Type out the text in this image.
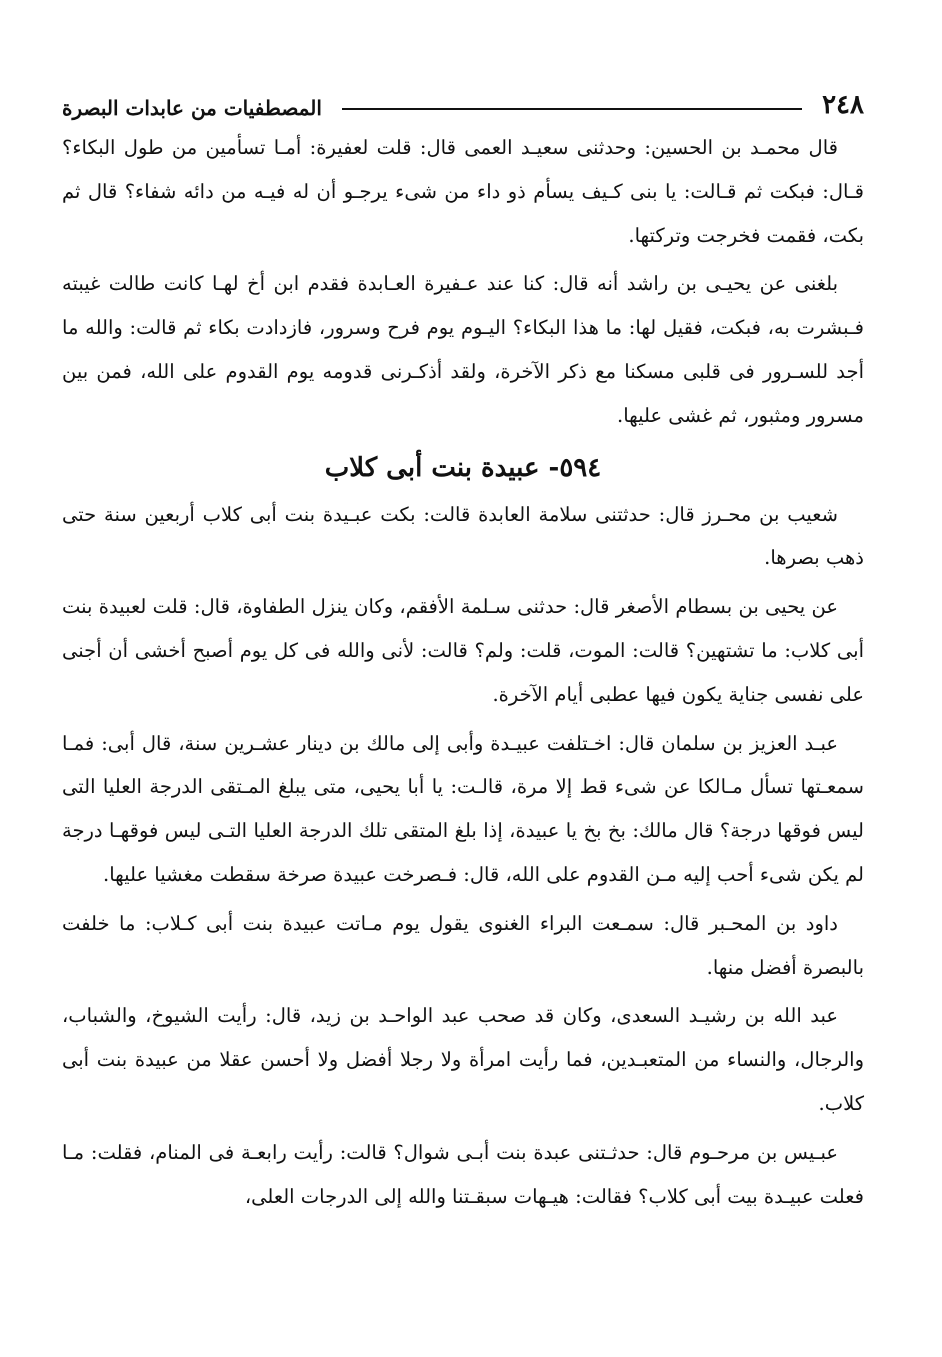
٢٤٨
المصطفيات من عابدات البصرة

قال محمـد بن الحسين: وحدثنى سعيـد العمى قال: قلت لعفيرة: أمـا تسأمين من طول البكاء؟ قـال: فبكت ثم قـالت: يا بنى كـيف يسأم ذو داء من شىء يرجـو أن له فيـه من دائه شفاء؟ قال ثم بكت، فقمت فخرجت وتركتها.

بلغنى عن يحيـى بن راشد أنه قال: كنا عند عـفيرة العـابدة فقدم ابن أخ لهـا كانت طالت غيبته فـبشرت به، فبكت، فقيل لها: ما هذا البكاء؟ اليـوم يوم فرح وسرور، فازدادت بكاء ثم قالت: والله ما أجد للسـرور فى قلبى مسكنا مع ذكر الآخرة، ولقد أذكـرنى قدومه يوم القدوم على الله، فمن بين مسرور ومثبور، ثم غشى عليها.

٥٩٤- عبيدة بنت أبى كلاب

شعيب بن محـرز قال: حدثتنى سلامة العابدة قالت: بكت عبـيدة بنت أبى كلاب أربعين سنة حتى ذهب بصرها.

عن يحيى بن بسطام الأصغر قال: حدثنى سـلمة الأفقم، وكان ينزل الطفاوة، قال: قلت لعبيدة بنت أبى كلاب: ما تشتهين؟ قالت: الموت، قلت: ولم؟ قالت: لأنى والله فى كل يوم أصبح أخشى أن أجنى على نفسى جناية يكون فيها عطبى أيام الآخرة.

عبـد العزيز بن سلمان قال: اخـتلفت عبيـدة وأبى إلى مالك بن دينار عشـرين سنة، قال أبى: فمـا سمعـتها تسأل مـالكا عن شىء قط إلا مرة، قالـت: يا أبا يحيى، متى يبلغ المـتقى الدرجة العليا التى ليس فوقها درجة؟ قال مالك: بخ بخ يا عبيدة، إذا بلغ المتقى تلك الدرجة العليا التـى ليس فوقهـا درجة لم يكن شىء أحب إليه مـن القدوم على الله، قال: فـصرخت عبيدة صرخة سقطت مغشيا عليها.

داود بن المحـبر قال: سمـعت البراء الغنوى يقول يوم مـاتت عبيدة بنت أبى كـلاب: ما خلفت بالبصرة أفضل منها.

عبد الله بن رشيـد السعدى، وكان قد صحب عبد الواحـد بن زيد، قال: رأيت الشيوخ، والشباب، والرجال، والنساء من المتعبـدين، فما رأيت امرأة ولا رجلا أفضل ولا أحسن عقلا من عبيدة بنت أبى كلاب.

عبـيس بن مرحـوم قال: حدثـتنى عبدة بنت أبـى شوال؟ قالت: رأيت رابعـة فى المنام، فقلت: مـا فعلت عبيـدة بيت أبى كلاب؟ فقالت: هيـهات سبقـتنا والله إلى الدرجات العلى،
